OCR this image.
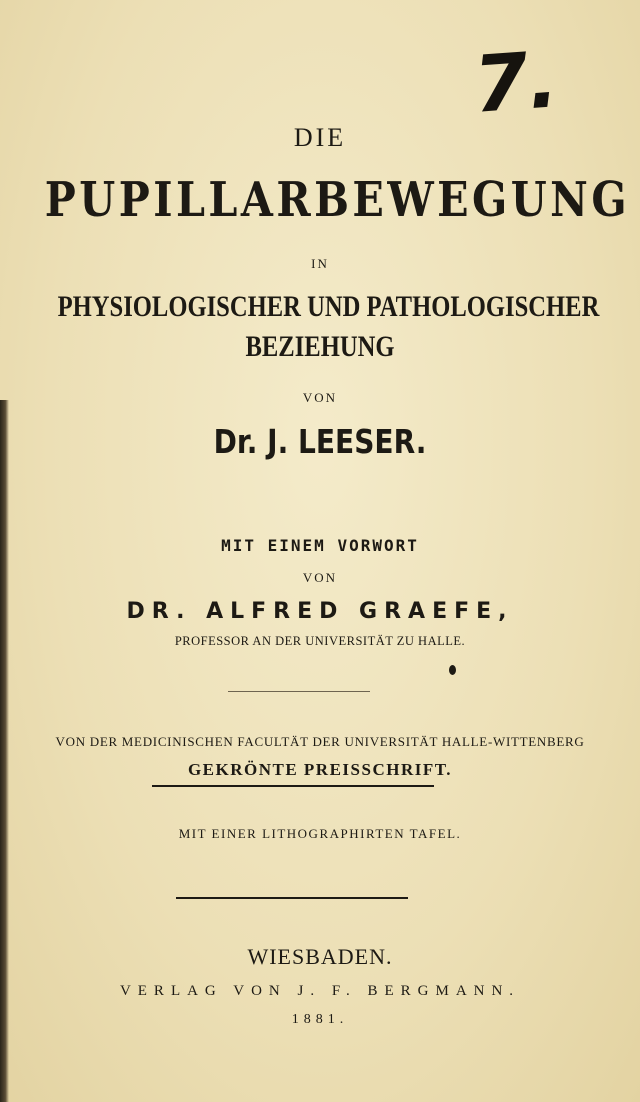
7.
DIE
PUPILLARBEWEGUNG
IN
PHYSIOLOGISCHER UND PATHOLOGISCHER
BEZIEHUNG
VON
Dr. J. LEESER.
MIT EINEM VORWORT
VON
DR. ALFRED GRAEFE,
PROFESSOR AN DER UNIVERSITÄT ZU HALLE.
VON DER MEDICINISCHEN FACULTÄT DER UNIVERSITÄT HALLE-WITTENBERG
GEKRÖNTE PREISSCHRIFT.
MIT EINER LITHOGRAPHIRTEN TAFEL.
WIESBADEN.
VERLAG VON J. F. BERGMANN.
1881.
